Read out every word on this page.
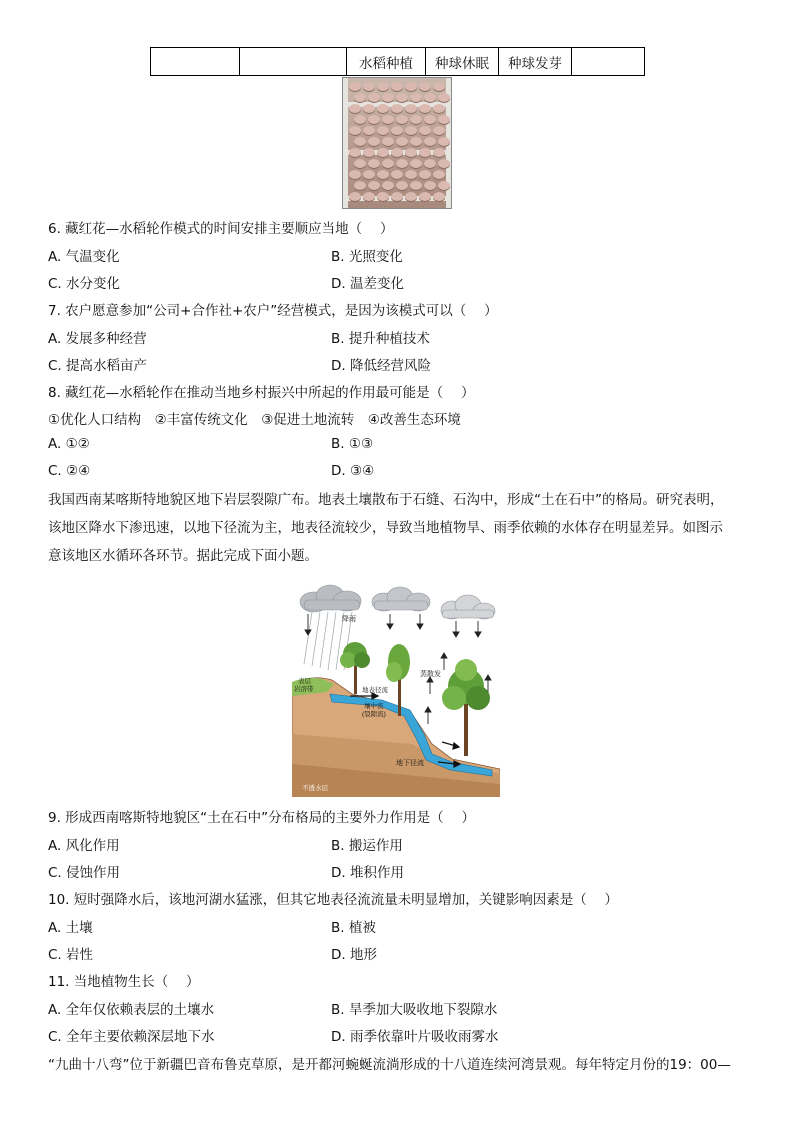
		水稻种植	种球休眠	种球发芽	
6. 藏红花—水稻轮作模式的时间安排主要顺应当地（　 ）
A. 气温变化	B. 光照变化
C. 水分变化	D. 温差变化
7. 农户愿意参加“公司+合作社+农户”经营模式，是因为该模式可以（　 ）
A. 发展多种经营	B. 提升种植技术
C. 提高水稻亩产	D. 降低经营风险
8. 藏红花—水稻轮作在推动当地乡村振兴中所起的作用最可能是（　 ）
①优化人口结构　②丰富传统文化　③促进土地流转　④改善生态环境
A. ①②	B. ①③
C. ②④	D. ③④
我国西南某喀斯特地貌区地下岩层裂隙广布。地表土壤散布于石缝、石沟中，形成“土在石中”的格局。研究表明，
该地区降水下渗迅速，以地下径流为主，地表径流较少，导致当地植物旱、雨季依赖的水体存在明显差异。如图示
意该地区水循环各环节。据此完成下面小题。
降雨
蒸散发
表层岩溶带	地表径流
壤中流(裂隙流)
地下径流
不透水层
9. 形成西南喀斯特地貌区“土在石中”分布格局的主要外力作用是（　 ）
A. 风化作用	B. 搬运作用
C. 侵蚀作用	D. 堆积作用
10. 短时强降水后，该地河湖水猛涨，但其它地表径流流量未明显增加，关键影响因素是（　 ）
A. 土壤	B. 植被
C. 岩性	D. 地形
11. 当地植物生长（　 ）
A. 全年仅依赖表层的土壤水	B. 旱季加大吸收地下裂隙水
C. 全年主要依赖深层地下水	D. 雨季依靠叶片吸收雨雾水
“九曲十八弯”位于新疆巴音布鲁克草原，是开都河蜿蜒流淌形成的十八道连续河湾景观。每年特定月份的19：00—
